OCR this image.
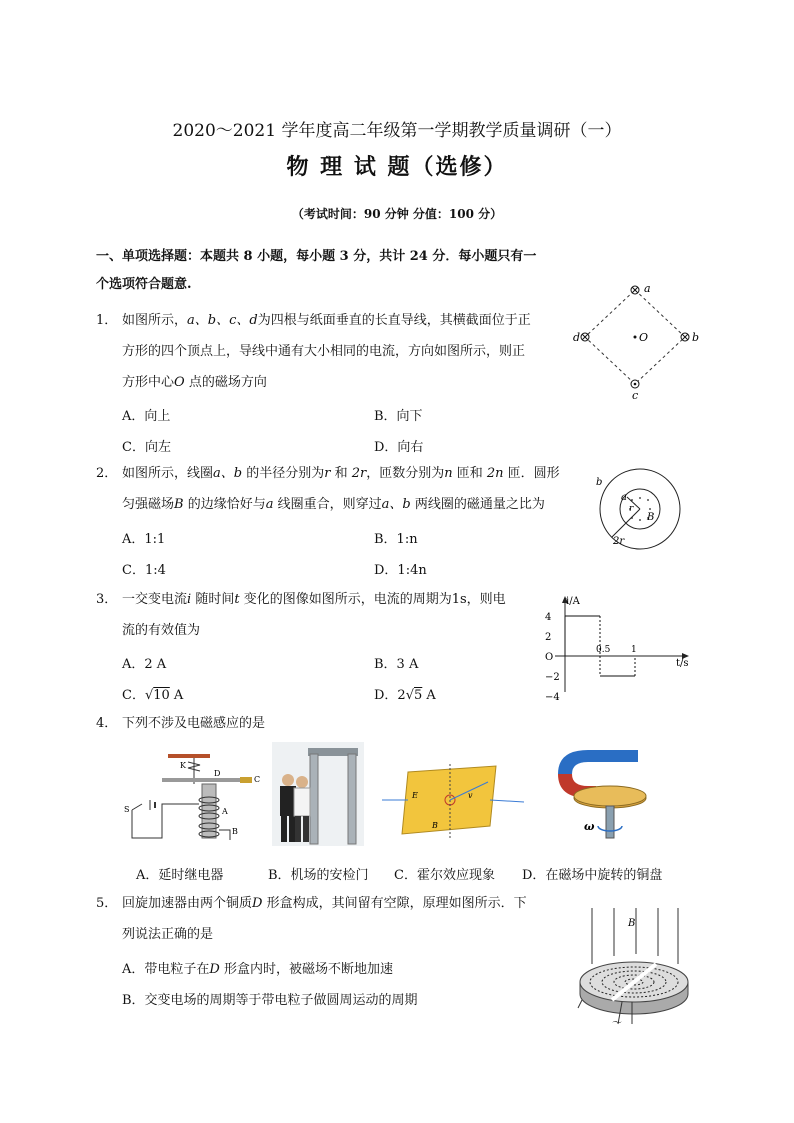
2020～2021 学年度高二年级第一学期教学质量调研（一）
物 理 试 题（选修）
（考试时间：90 分钟 分值：100 分）
一、单项选择题：本题共 8 小题，每小题 3 分，共计 24 分．每小题只有一
个选项符合题意.
1． 如图所示，a、b、c、d为四根与纸面垂直的长直导线，其横截面位于正
方形的四个顶点上，导线中通有大小相同的电流，方向如图所示，则正
方形中心O 点的磁场方向
A．向上	B．向下
C．向左	D．向右
a
b
c
d	O
2． 如图所示，线圈a、b 的半径分别为r 和 2r，匝数分别为n 匝和 2n 匝．圆形
匀强磁场B 的边缘恰好与a 线圈重合，则穿过a、b 两线圈的磁通量之比为
A．1:1	B．1:n
C．1:4	D．1:4n
a
b
r
B
2r
3． 一交变电流i 随时间t 变化的图像如图所示，电流的周期为1s，则电
流的有效值为
A．2 A	B．3 A
C．√10 A	D．2√5 A
i/A
t/s
4
2
O
−2
−4
0.5 1
4． 下列不涉及电磁感应的是
K
D
C
S	A
B
E
B
v
ω
A．延时继电器	B．机场的安检门 C．霍尔效应现象 D．在磁场中旋转的铜盘
5． 回旋加速器由两个铜质D 形盒构成，其间留有空隙，原理如图所示．下
列说法正确的是
A．带电粒子在D 形盒内时，被磁场不断地加速
B．交变电场的周期等于带电粒子做圆周运动的周期
B
～
